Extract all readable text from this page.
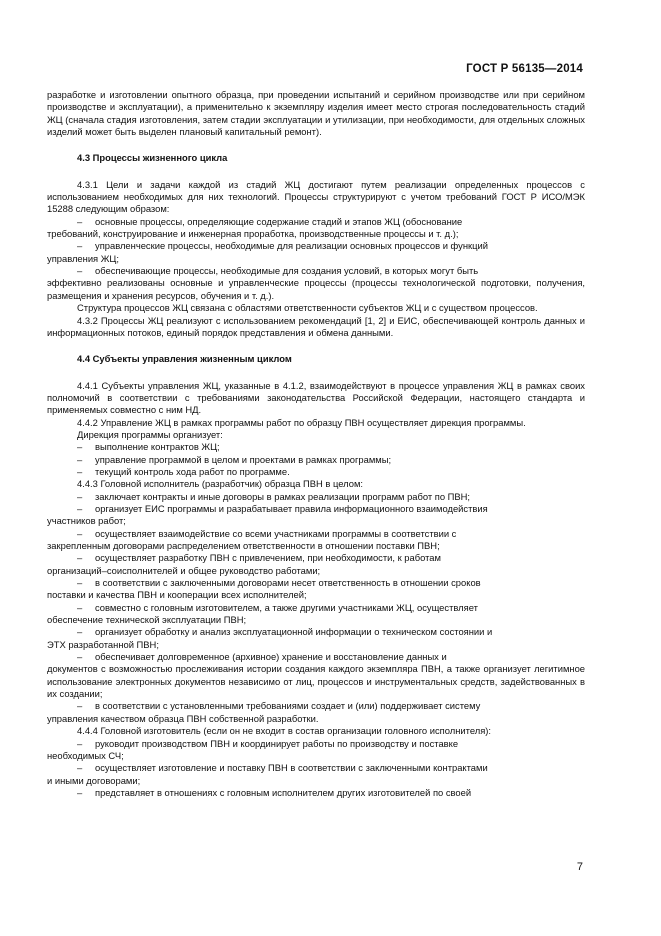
ГОСТ Р 56135—2014

разработке и изготовлении опытного образца, при проведении испытаний и серийном производстве или при серийном производстве и эксплуатации), а применительно к экземпляру изделия имеет место строгая последовательность стадий ЖЦ (сначала стадия изготовления, затем стадии эксплуатации и утилизации, при необходимости, для отдельных сложных изделий может быть выделен плановый капитальный ремонт).

4.3 Процессы жизненного цикла

4.3.1 Цели и задачи каждой из стадий ЖЦ достигают путем реализации определенных процессов с использованием необходимых для них технологий. Процессы структурируют с учетом требований ГОСТ Р ИСО/МЭК 15288 следующим образом:

–	основные процессы, определяющие содержание стадий и этапов ЖЦ (обоснование

требований, конструирование и инженерная проработка, производственные процессы и т. д.);

–	управленческие процессы, необходимые для реализации основных процессов и функций

управления ЖЦ;

–	обеспечивающие процессы, необходимые для создания условий, в которых могут быть

эффективно реализованы основные и управленческие процессы (процессы технологической подготовки, получения, размещения и хранения ресурсов, обучения и т. д.).

Структура процессов ЖЦ связана с областями ответственности субъектов ЖЦ и с существом процессов.

4.3.2 Процессы ЖЦ реализуют с использованием рекомендаций [1, 2] и ЕИС, обеспечивающей контроль данных и информационных потоков, единый порядок представления и обмена данными.

4.4 Субъекты управления жизненным циклом

4.4.1 Субъекты управления ЖЦ, указанные в 4.1.2, взаимодействуют в процессе управления ЖЦ в рамках своих полномочий в соответствии с требованиями законодательства Российской Федерации, настоящего стандарта и применяемых совместно с ним НД.

4.4.2 Управление ЖЦ в рамках программы работ по образцу ПВН осуществляет дирекция программы.

Дирекция программы организует:

–	выполнение контрактов ЖЦ;
–	управление программой в целом и проектами в рамках программы;
–	текущий контроль хода работ по программе.

4.4.3 Головной исполнитель (разработчик) образца ПВН в целом:

–	заключает контракты и иные договоры в рамках реализации программ работ по ПВН;
–	организует ЕИС программы и разрабатывает правила информационного взаимодействия

участников работ;

–	осуществляет взаимодействие со всеми участниками программы в соответствии с

закрепленным договорами распределением ответственности в отношении поставки ПВН;

–	осуществляет разработку ПВН с привлечением, при необходимости, к работам

организаций–соисполнителей и общее руководство работами;

–	в соответствии с заключенными договорами несет ответственность в отношении сроков

поставки и качества ПВН и кооперации всех исполнителей;

–	совместно с головным изготовителем, а также другими участниками ЖЦ, осуществляет

обеспечение технической эксплуатации ПВН;

–	организует обработку и анализ эксплуатационной информации о техническом состоянии и

ЭТХ разработанной ПВН;

–	обеспечивает долговременное (архивное) хранение и восстановление данных и

документов с возможностью прослеживания истории создания каждого экземпляра ПВН, а также организует легитимное использование электронных документов независимо от лиц, процессов и инструментальных средств, задействованных в их создании;

–	в соответствии с установленными требованиями создает и (или) поддерживает систему

управления качеством образца ПВН собственной разработки.

4.4.4 Головной изготовитель (если он не входит в состав организации головного исполнителя):

–	руководит производством ПВН и координирует работы по производству и поставке

необходимых СЧ;

–	осуществляет изготовление и поставку ПВН в соответствии с заключенными контрактами

и иными договорами;

–	представляет в отношениях с головным исполнителем других изготовителей по своей
7
